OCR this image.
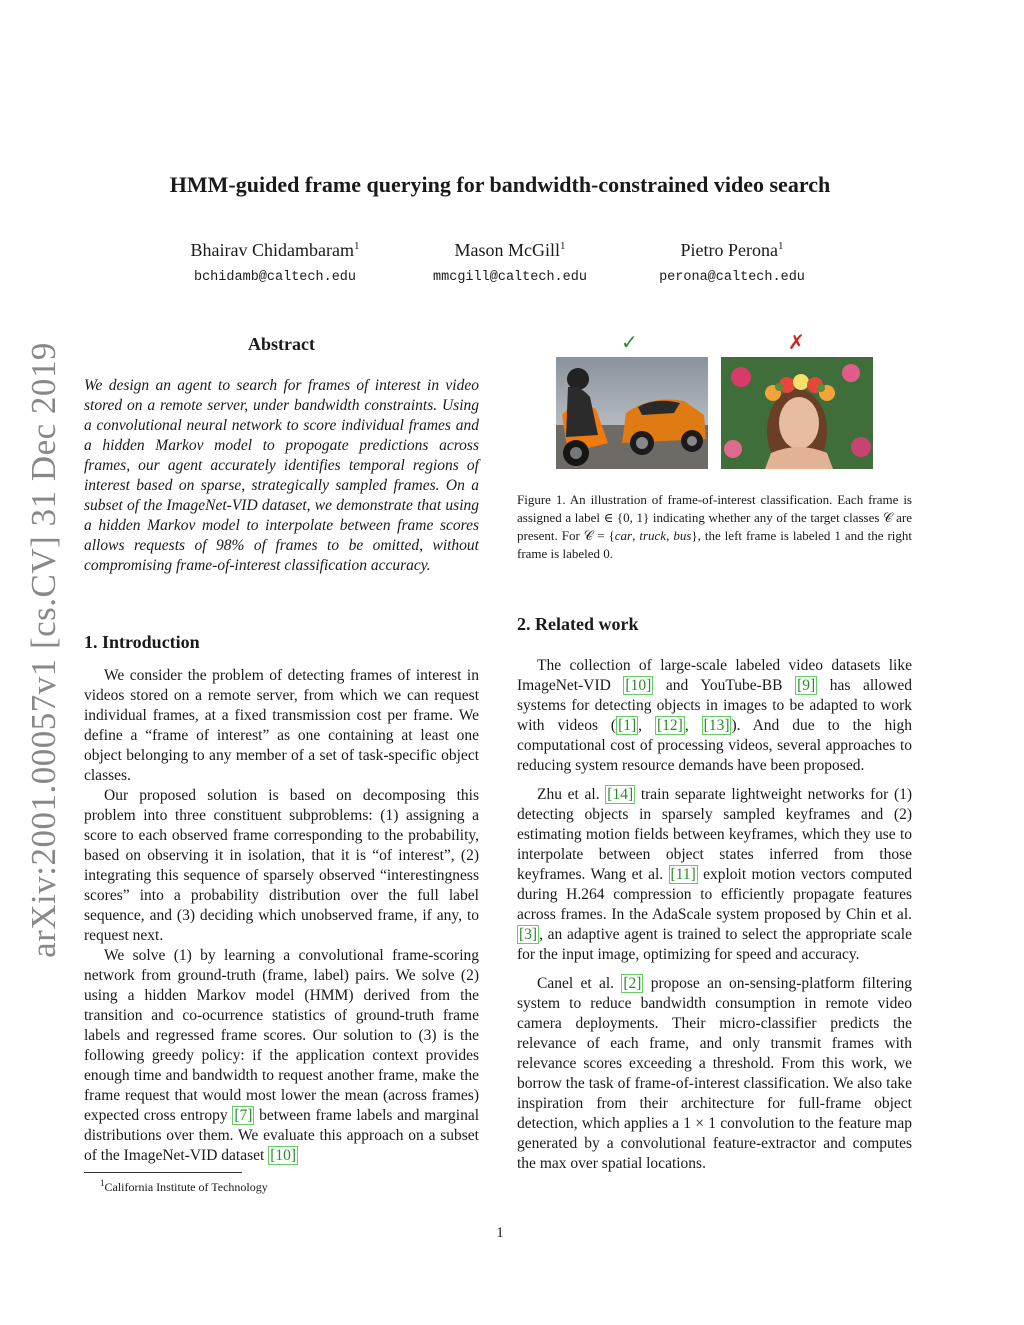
arXiv:2001.00057v1 [cs.CV] 31 Dec 2019
HMM-guided frame querying for bandwidth-constrained video search
Bhairav Chidambaram$^1$
bchidamb@caltech.edu
Mason McGill$^1$
mmcgill@caltech.edu
Pietro Perona$^1$
perona@caltech.edu
Abstract

We design an agent to search for frames of interest in video stored on a remote server, under bandwidth constraints. Using a convolutional neural network to score individual frames and a hidden Markov model to propogate predictions across frames, our agent accurately identifies temporal regions of interest based on sparse, strategically sampled frames. On a subset of the ImageNet-VID dataset, we demonstrate that using a hidden Markov model to interpolate between frame scores allows requests of 98% of frames to be omitted, without compromising frame-of-interest classification accuracy.

1. Introduction

We consider the problem of detecting frames of interest in videos stored on a remote server, from which we can request individual frames, at a fixed transmission cost per frame. We define a “frame of interest” as one containing at least one object belonging to any member of a set of task-specific object classes.

Our proposed solution is based on decomposing this problem into three constituent subproblems: (1) assigning a score to each observed frame corresponding to the probability, based on observing it in isolation, that it is “of interest”, (2) integrating this sequence of sparsely observed “interestingness scores” into a probability distribution over the full label sequence, and (3) deciding which unobserved frame, if any, to request next.

We solve (1) by learning a convolutional frame-scoring network from ground-truth (frame, label) pairs. We solve (2) using a hidden Markov model (HMM) derived from the transition and co-ocurrence statistics of ground-truth frame labels and regressed frame scores. Our solution to (3) is the following greedy policy: if the application context provides enough time and bandwidth to request another frame, make the frame request that would most lower the mean (across frames) expected cross entropy [7] between frame labels and marginal distributions over them. We evaluate this approach on a subset of the ImageNet-VID dataset [10]

$^1$California Institute of Technology
✓	✗
Figure 1. An illustration of frame-of-interest classification. Each frame is assigned a label ∈ {0, 1} indicating whether any of the target classes 𝒞 are present. For 𝒞 = {car, truck, bus}, the left frame is labeled 1 and the right frame is labeled 0.
2. Related work

The collection of large-scale labeled video datasets like ImageNet-VID [10] and YouTube-BB [9] has allowed systems for detecting objects in images to be adapted to work with videos ( [1] , [12] , [13] ). And due to the high computational cost of processing videos, several approaches to reducing system resource demands have been proposed.

Zhu et al. [14] train separate lightweight networks for (1) detecting objects in sparsely sampled keyframes and (2) estimating motion fields between keyframes, which they use to interpolate between object states inferred from those keyframes. Wang et al. [11] exploit motion vectors computed during H.264 compression to efficiently propagate features across frames. In the AdaScale system proposed by Chin et al. [3] , an adaptive agent is trained to select the appropriate scale for the input image, optimizing for speed and accuracy.

Canel et al. [2] propose an on-sensing-platform filtering system to reduce bandwidth consumption in remote video camera deployments. Their micro-classifier predicts the relevance of each frame, and only transmit frames with relevance scores exceeding a threshold. From this work, we borrow the task of frame-of-interest classification. We also take inspiration from their architecture for full-frame object detection, which applies a 1 × 1 convolution to the feature map generated by a convolutional feature-extractor and computes the max over spatial locations.

1
